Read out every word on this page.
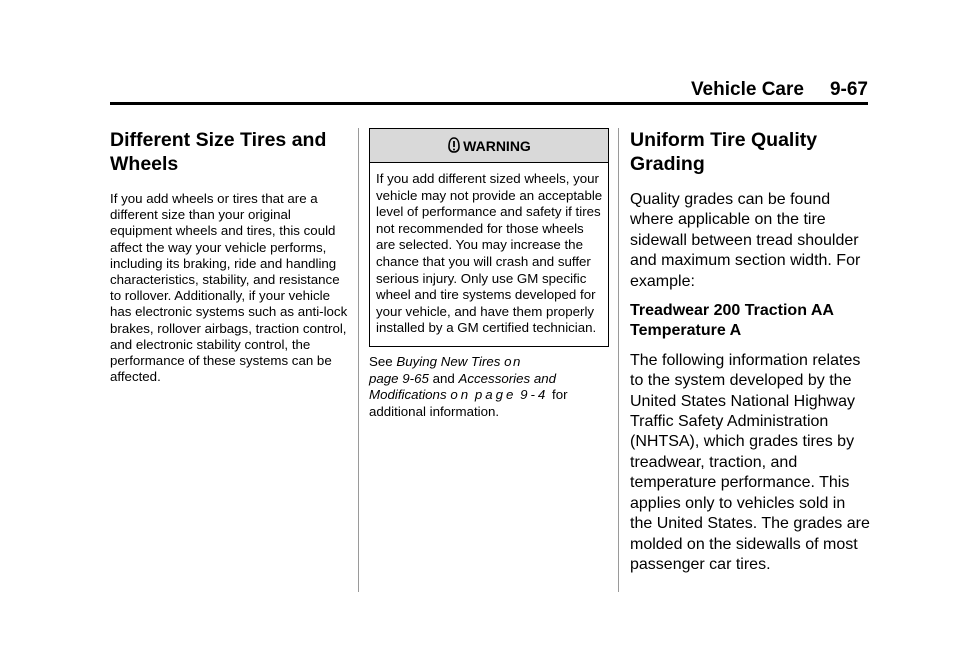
Vehicle Care 9-67
Different Size Tires and Wheels

If you add wheels or tires that are a different size than your original equipment wheels and tires, this could affect the way your vehicle performs, including its braking, ride and handling characteristics, stability, and resistance to rollover. Additionally, if your vehicle has electronic systems such as anti-lock brakes, rollover airbags, traction control, and electronic stability control, the performance of these systems can be affected.

WARNING
If you add different sized wheels, your vehicle may not provide an acceptable level of performance and safety if tires not recommended for those wheels are selected. You may increase the chance that you will crash and suffer serious injury. Only use GM specific wheel and tire systems developed for your vehicle, and have them properly installed by a GM certified technician.
See Buying New Tires on
page 9-65 and Accessories and Modifications on page 9-4 for additional information.
Uniform Tire Quality Grading

Quality grades can be found where applicable on the tire sidewall between tread shoulder and maximum section width. For example:

Treadwear 200 Traction AA Temperature A

The following information relates to the system developed by the United States National Highway Traffic Safety Administration (NHTSA), which grades tires by treadwear, traction, and temperature performance. This applies only to vehicles sold in the United States. The grades are molded on the sidewalls of most passenger car tires.
